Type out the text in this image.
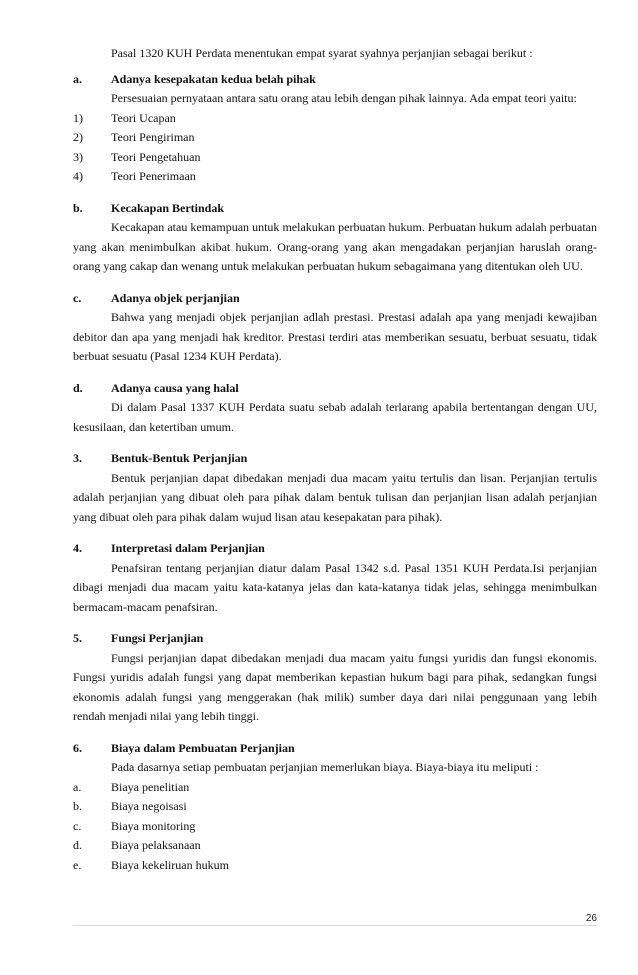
Pasal 1320 KUH Perdata menentukan empat syarat syahnya perjanjian sebagai berikut :

a.	Adanya kesepakatan kedua belah pihak

Persesuaian pernyataan antara satu orang atau lebih dengan pihak lainnya. Ada empat teori yaitu:

1)	Teori Ucapan
2)	Teori Pengiriman
3)	Teori Pengetahuan
4)	Teori Penerimaan
b.	Kecakapan Bertindak

Kecakapan atau kemampuan untuk melakukan perbuatan hukum. Perbuatan hukum adalah perbuatan yang akan menimbulkan akibat hukum. Orang-orang yang akan mengadakan perjanjian haruslah orang-orang yang cakap dan wenang untuk melakukan perbuatan hukum sebagaimana yang ditentukan oleh UU.

c.	Adanya objek perjanjian

Bahwa yang menjadi objek perjanjian adlah prestasi. Prestasi adalah apa yang menjadi kewajiban debitor dan apa yang menjadi hak kreditor. Prestasi terdiri atas memberikan sesuatu, berbuat sesuatu, tidak berbuat sesuatu (Pasal 1234 KUH Perdata).

d.	Adanya causa yang halal

Di dalam Pasal 1337 KUH Perdata suatu sebab adalah terlarang apabila bertentangan dengan UU, kesusilaan, dan ketertiban umum.

3.	Bentuk-Bentuk Perjanjian

Bentuk perjanjian dapat dibedakan menjadi dua macam yaitu tertulis dan lisan. Perjanjian tertulis adalah perjanjian yang dibuat oleh para pihak dalam bentuk tulisan dan perjanjian lisan adalah perjanjian yang dibuat oleh para pihak dalam wujud lisan atau kesepakatan para pihak).

4.	Interpretasi dalam Perjanjian

Penafsiran tentang perjanjian diatur dalam Pasal 1342 s.d. Pasal 1351 KUH Perdata.Isi perjanjian dibagi menjadi dua macam yaitu kata-katanya jelas dan kata-katanya tidak jelas, sehingga menimbulkan bermacam-macam penafsiran.

5.	Fungsi Perjanjian

Fungsi perjanjian dapat dibedakan menjadi dua macam yaitu fungsi yuridis dan fungsi ekonomis. Fungsi yuridis adalah fungsi yang dapat memberikan kepastian hukum bagi para pihak, sedangkan fungsi ekonomis adalah fungsi yang menggerakan (hak milik) sumber daya dari nilai penggunaan yang lebih rendah menjadi nilai yang lebih tinggi.

6.	Biaya dalam Pembuatan Perjanjian

Pada dasarnya setiap pembuatan perjanjian memerlukan biaya. Biaya-biaya itu meliputi :

a.	Biaya penelitian
b.	Biaya negoisasi
c.	Biaya monitoring
d.	Biaya pelaksanaan
e.	Biaya kekeliruan hukum
26
